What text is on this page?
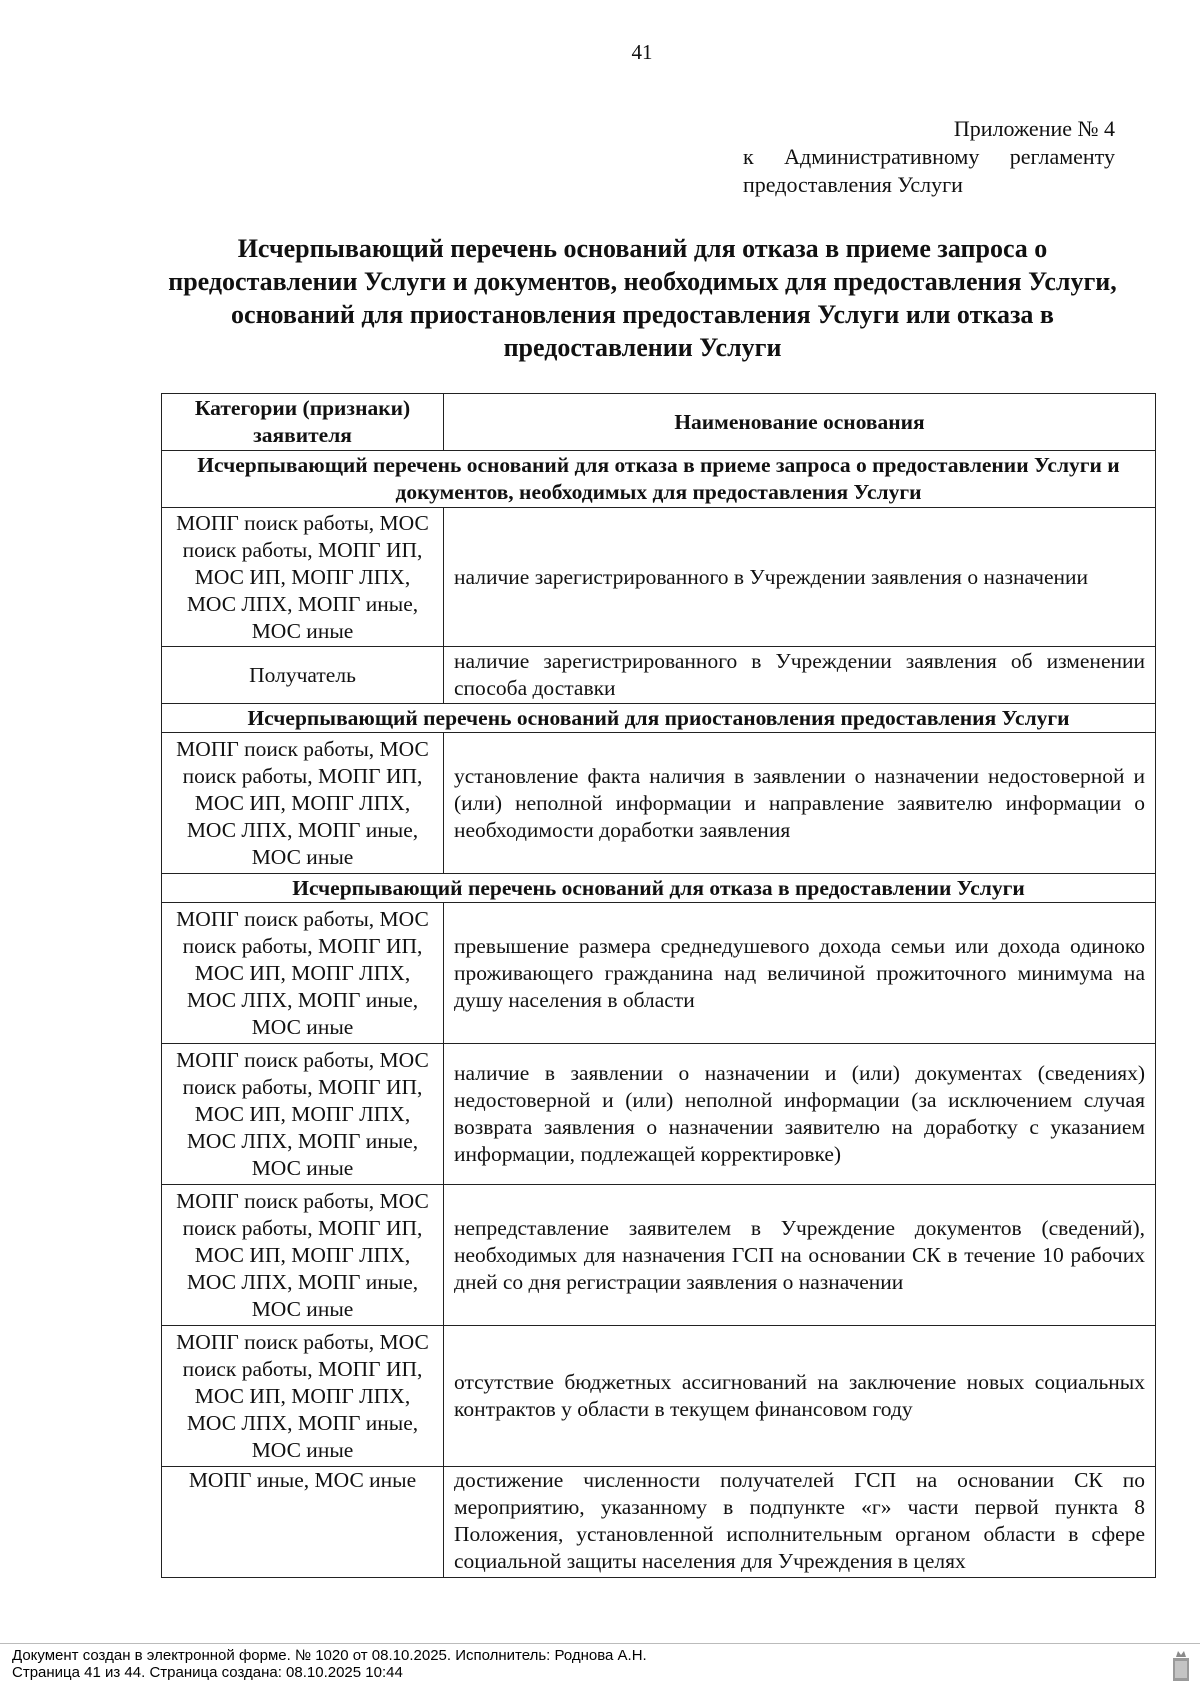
41
Приложение № 4
к Административному регламенту
предоставления Услуги
Исчерпывающий перечень оснований для отказа в приеме запроса о предоставлении Услуги и документов, необходимых для предоставления Услуги, оснований для приостановления предоставления Услуги или отказа в предоставлении Услуги
Категории (признаки) заявителя	Наименование основания
Исчерпывающий перечень оснований для отказа в приеме запроса о предоставлении Услуги и документов, необходимых для предоставления Услуги	
МОПГ поиск работы, МОС поиск работы, МОПГ ИП, МОС ИП, МОПГ ЛПХ, МОС ЛПХ, МОПГ иные, МОС иные	наличие зарегистрированного в Учреждении заявления о назначении
Получатель	наличие зарегистрированного в Учреждении заявления об изменении способа доставки
Исчерпывающий перечень оснований для приостановления предоставления Услуги	
МОПГ поиск работы, МОС поиск работы, МОПГ ИП, МОС ИП, МОПГ ЛПХ, МОС ЛПХ, МОПГ иные, МОС иные	установление факта наличия в заявлении о назначении недостоверной и (или) неполной информации и направление заявителю информации о необходимости доработки заявления
Исчерпывающий перечень оснований для отказа в предоставлении Услуги	
МОПГ поиск работы, МОС поиск работы, МОПГ ИП, МОС ИП, МОПГ ЛПХ, МОС ЛПХ, МОПГ иные, МОС иные	превышение размера среднедушевого дохода семьи или дохода одиноко проживающего гражданина над величиной прожиточного минимума на душу населения в области
МОПГ поиск работы, МОС поиск работы, МОПГ ИП, МОС ИП, МОПГ ЛПХ, МОС ЛПХ, МОПГ иные, МОС иные	наличие в заявлении о назначении и (или) документах (сведениях) недостоверной и (или) неполной информации (за исключением случая возврата заявления о назначении заявителю на доработку с указанием информации, подлежащей корректировке)
МОПГ поиск работы, МОС поиск работы, МОПГ ИП, МОС ИП, МОПГ ЛПХ, МОС ЛПХ, МОПГ иные, МОС иные	непредставление заявителем в Учреждение документов (сведений), необходимых для назначения ГСП на основании СК в течение 10 рабочих дней со дня регистрации заявления о назначении
МОПГ поиск работы, МОС поиск работы, МОПГ ИП, МОС ИП, МОПГ ЛПХ, МОС ЛПХ, МОПГ иные, МОС иные	отсутствие бюджетных ассигнований на заключение новых социальных контрактов у области в текущем финансовом году
МОПГ иные, МОС иные	достижение численности получателей ГСП на основании СК по мероприятию, указанному в подпункте «г» части первой пункта 8 Положения, установленной исполнительным органом области в сфере социальной защиты населения для Учреждения в целях
Документ создан в электронной форме. № 1020 от 08.10.2025. Исполнитель: Роднова А.Н.
Страница 41 из 44. Страница создана: 08.10.2025 10:44
